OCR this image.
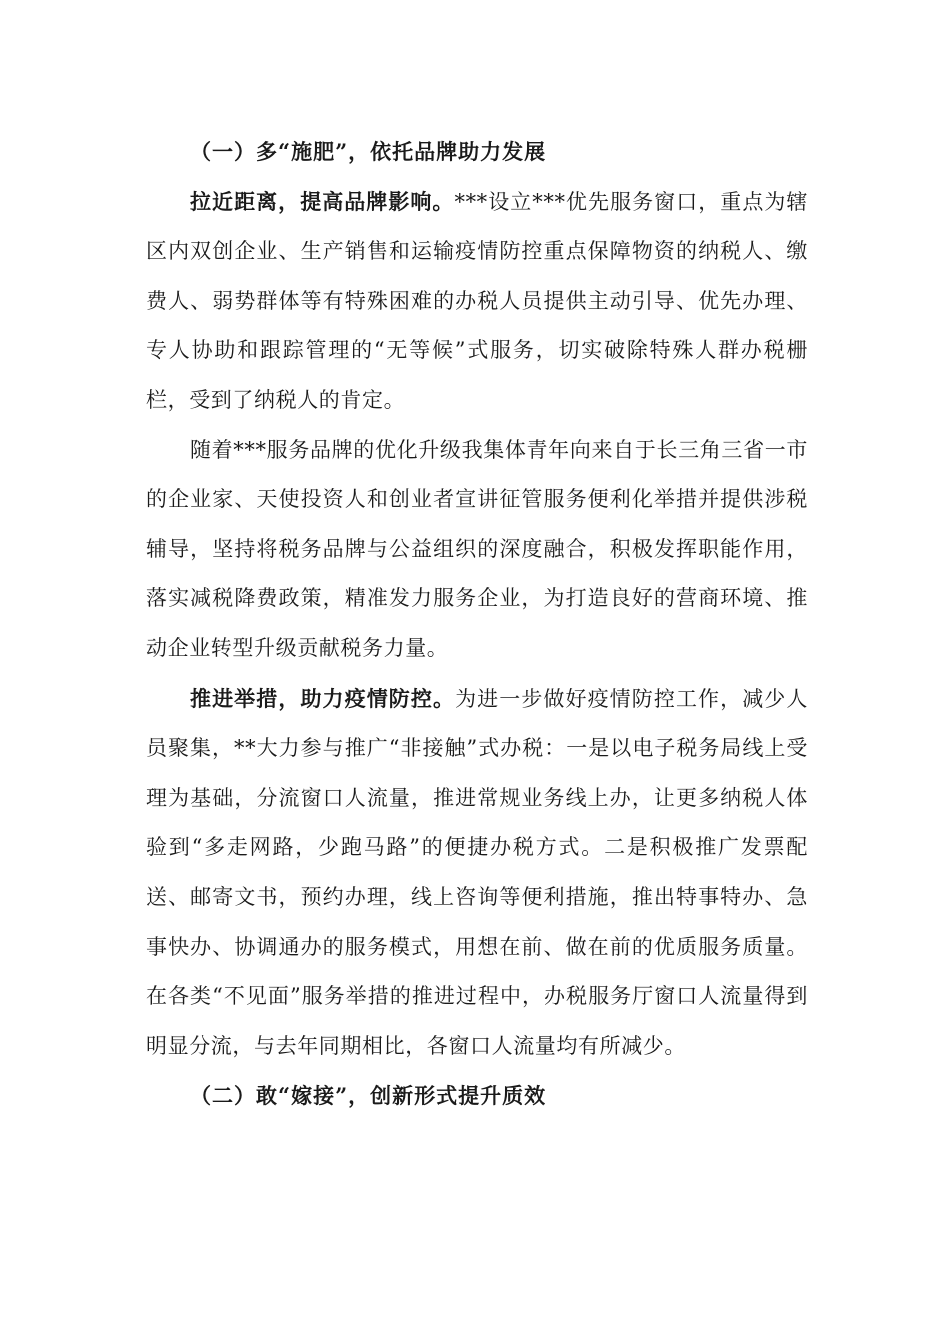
（一）多“施肥”，依托品牌助力发展

拉近距离，提高品牌影响。***设立***优先服务窗口，重点为辖区内双创企业、生产销售和运输疫情防控重点保障物资的纳税人、缴费人、弱势群体等有特殊困难的办税人员提供主动引导、优先办理、专人协助和跟踪管理的“无等候”式服务，切实破除特殊人群办税栅栏，受到了纳税人的肯定。

随着***服务品牌的优化升级我集体青年向来自于长三角三省一市的企业家、天使投资人和创业者宣讲征管服务便利化举措并提供涉税辅导，坚持将税务品牌与公益组织的深度融合，积极发挥职能作用，落实减税降费政策，精准发力服务企业，为打造良好的营商环境、推动企业转型升级贡献税务力量。

推进举措，助力疫情防控。为进一步做好疫情防控工作，减少人员聚集，**大力参与推广“非接触”式办税：一是以电子税务局线上受理为基础，分流窗口人流量，推进常规业务线上办，让更多纳税人体验到“多走网路，少跑马路”的便捷办税方式。二是积极推广发票配送、邮寄文书，预约办理，线上咨询等便利措施，推出特事特办、急事快办、协调通办的服务模式，用想在前、做在前的优质服务质量。在各类“不见面”服务举措的推进过程中，办税服务厅窗口人流量得到明显分流，与去年同期相比，各窗口人流量均有所减少。

（二）敢“嫁接”，创新形式提升质效
